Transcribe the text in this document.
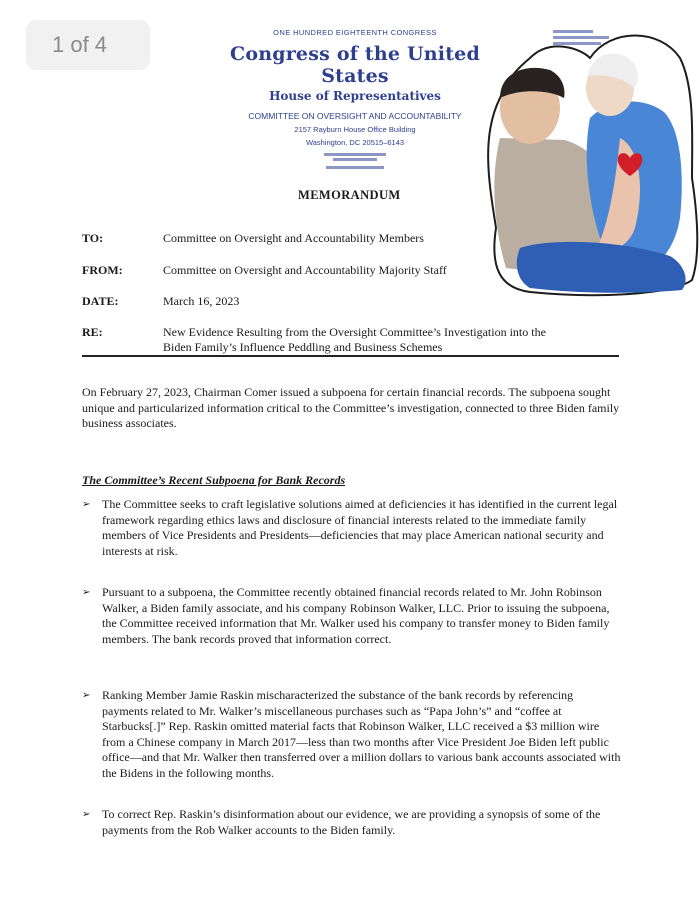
1 of 4	ONE HUNDRED EIGHTEENTH CONGRESS
Congress of the United States
House of Representatives
COMMITTEE ON OVERSIGHT AND ACCOUNTABILITY
2157 Rayburn House Office Building
Washington, DC 20515–6143
MEMORANDUM
TO:	Committee on Oversight and Accountability Members
FROM:	Committee on Oversight and Accountability Majority Staff
DATE:	March 16, 2023
RE:	New Evidence Resulting from the Oversight Committee’s Investigation into the
Biden Family’s Influence Peddling and Business Schemes
On February 27, 2023, Chairman Comer issued a subpoena for certain financial records. The subpoena sought unique and particularized information critical to the Committee’s investigation, connected to three Biden family business associates.
The Committee’s Recent Subpoena for Bank Records
➢ The Committee seeks to craft legislative solutions aimed at deficiencies it has identified in the current legal framework regarding ethics laws and disclosure of financial interests related to the immediate family members of Vice Presidents and Presidents—deficiencies that may place American national security and interests at risk.
➢ Pursuant to a subpoena, the Committee recently obtained financial records related to Mr. John Robinson Walker, a Biden family associate, and his company Robinson Walker, LLC. Prior to issuing the subpoena, the Committee received information that Mr. Walker used his company to transfer money to Biden family members. The bank records proved that information correct.
➢ Ranking Member Jamie Raskin mischaracterized the substance of the bank records by referencing payments related to Mr. Walker’s miscellaneous purchases such as “Papa John’s” and “coffee at Starbucks[.]” Rep. Raskin omitted material facts that Robinson Walker, LLC received a $3 million wire from a Chinese company in March 2017—less than two months after Vice President Joe Biden left public office—and that Mr. Walker then transferred over a million dollars to various bank accounts associated with the Bidens in the following months.
➢ To correct Rep. Raskin’s disinformation about our evidence, we are providing a synopsis of some of the payments from the Rob Walker accounts to the Biden family.
